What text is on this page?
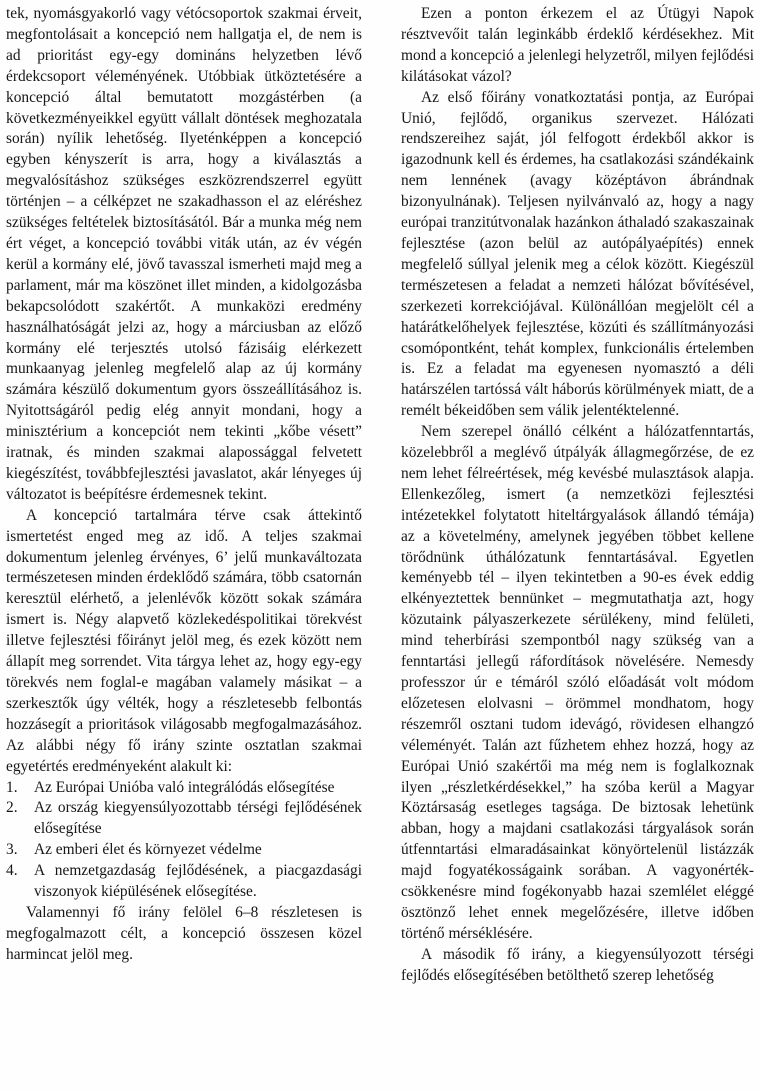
tek, nyomásgyakorló vagy vétócsoportok szakmai érveit, megfontolásait a koncepció nem hallgatja el, de nem is ad prioritást egy-egy domináns helyzetben lévő érdekcsoport véleményének. Utóbbiak ütköztetésére a koncepció által bemutatott mozgástérben (a következményeikkel együtt vállalt döntések meghozatala során) nyílik lehetőség. Ilyeténképpen a koncepció egyben kényszerít is arra, hogy a kiválasztás a megvalósításhoz szükséges eszközrendszerrel együtt történjen – a célképzet ne szakadhasson el az eléréshez szükséges feltételek biztosításától. Bár a munka még nem ért véget, a koncepció további viták után, az év végén kerül a kormány elé, jövő tavasszal ismerheti majd meg a parlament, már ma köszönet illet minden, a kidolgozásba bekapcsolódott szakértőt. A munkaközi eredmény használhatóságát jelzi az, hogy a márciusban az előző kormány elé terjesztés utolsó fázisáig elérkezett munkaanyag jelenleg megfelelő alap az új kormány számára készülő dokumentum gyors összeállításához is. Nyitottságáról pedig elég annyit mondani, hogy a minisztérium a koncepciót nem tekinti „kőbe vésett” iratnak, és minden szakmai alapossággal felvetett kiegészítést, továbbfejlesztési javaslatot, akár lényeges új változatot is beépítésre érdemesnek tekint.

A koncepció tartalmára térve csak áttekintő ismertetést enged meg az idő. A teljes szakmai dokumentum jelenleg érvényes, 6’ jelű munkaváltozata természetesen minden érdeklődő számára, több csatornán keresztül elérhető, a jelenlévők között sokak számára ismert is. Négy alapvető közlekedéspolitikai törekvést illetve fejlesztési főirányt jelöl meg, és ezek között nem állapít meg sorrendet. Vita tárgya lehet az, hogy egy-egy törekvés nem foglal-e magában valamely másikat – a szerkesztők úgy vélték, hogy a részletesebb felbontás hozzásegít a prioritások világosabb megfogalmazásához. Az alábbi négy fő irány szinte osztatlan szakmai egyetértés eredményeként alakult ki:

1. Az Európai Unióba való integrálódás elősegítése
2. Az ország kiegyensúlyozottabb térségi fejlődésének elősegítése
3. Az emberi élet és környezet védelme
4. A nemzetgazdaság fejlődésének, a piacgazdasági viszonyok kiépülésének elősegítése.

Valamennyi fő irány felölel 6–8 részletesen is megfogalmazott célt, a koncepció összesen közel harmincat jelöl meg.

Ezen a ponton érkezem el az Útügyi Napok résztvevőit talán leginkább érdeklő kérdésekhez. Mit mond a koncepció a jelenlegi helyzetről, milyen fejlődési kilátásokat vázol?

Az első főirány vonatkoztatási pontja, az Európai Unió, fejlődő, organikus szervezet. Hálózati rendszereihez saját, jól felfogott érdekből akkor is igazodnunk kell és érdemes, ha csatlakozási szándékaink nem lennének (avagy középtávon ábrándnak bizonyulnának). Teljesen nyilvánvaló az, hogy a nagy európai tranzitútvonalak hazánkon áthaladó szakaszainak fejlesztése (azon belül az autópályaépítés) ennek megfelelő súllyal jelenik meg a célok között. Kiegészül természetesen a feladat a nemzeti hálózat bővítésével, szerkezeti korrekciójával. Különállóan megjelölt cél a határátkelőhelyek fejlesztése, közúti és szállítmányozási csomópontként, tehát komplex, funkcionális értelemben is. Ez a feladat ma egyenesen nyomasztó a déli határszélen tartóssá vált háborús körülmények miatt, de a remélt békeidőben sem válik jelentéktelenné.

Nem szerepel önálló célként a hálózatfenntartás, közelebbről a meglévő útpályák állagmegőrzése, de ez nem lehet félreértések, még kevésbé mulasztások alapja. Ellenkezőleg, ismert (a nemzetközi fejlesztési intézetekkel folytatott hiteltárgyalások állandó témája) az a követelmény, amelynek jegyében többet kellene törődnünk úthálózatunk fenntartásával. Egyetlen keményebb tél – ilyen tekintetben a 90-es évek eddig elkényeztettek bennünket – megmutathatja azt, hogy közutaink pályaszerkezete sérülékeny, mind felületi, mind teherbírási szempontból nagy szükség van a fenntartási jellegű ráfordítások növelésére. Nemesdy professzor úr e témáról szóló előadását volt módom előzetesen elolvasni – örömmel mondhatom, hogy részemről osztani tudom idevágó, rövidesen elhangzó véleményét. Talán azt fűzhetem ehhez hozzá, hogy az Európai Unió szakértői ma még nem is foglalkoznak ilyen „részletkérdésekkel,” ha szóba kerül a Magyar Köztársaság esetleges tagsága. De biztosak lehetünk abban, hogy a majdani csatlakozási tárgyalások során útfenntartási elmaradásainkat könyörtelenül listázzák majd fogyatékosságaink sorában. A vagyonérték-csökkenésre mind fogékonyabb hazai szemlélet eléggé ösztönző lehet ennek megelőzésére, illetve időben történő mérséklésére.

A második fő irány, a kiegyensúlyozott térségi fejlődés elősegítésében betölthető szerep lehetőség
